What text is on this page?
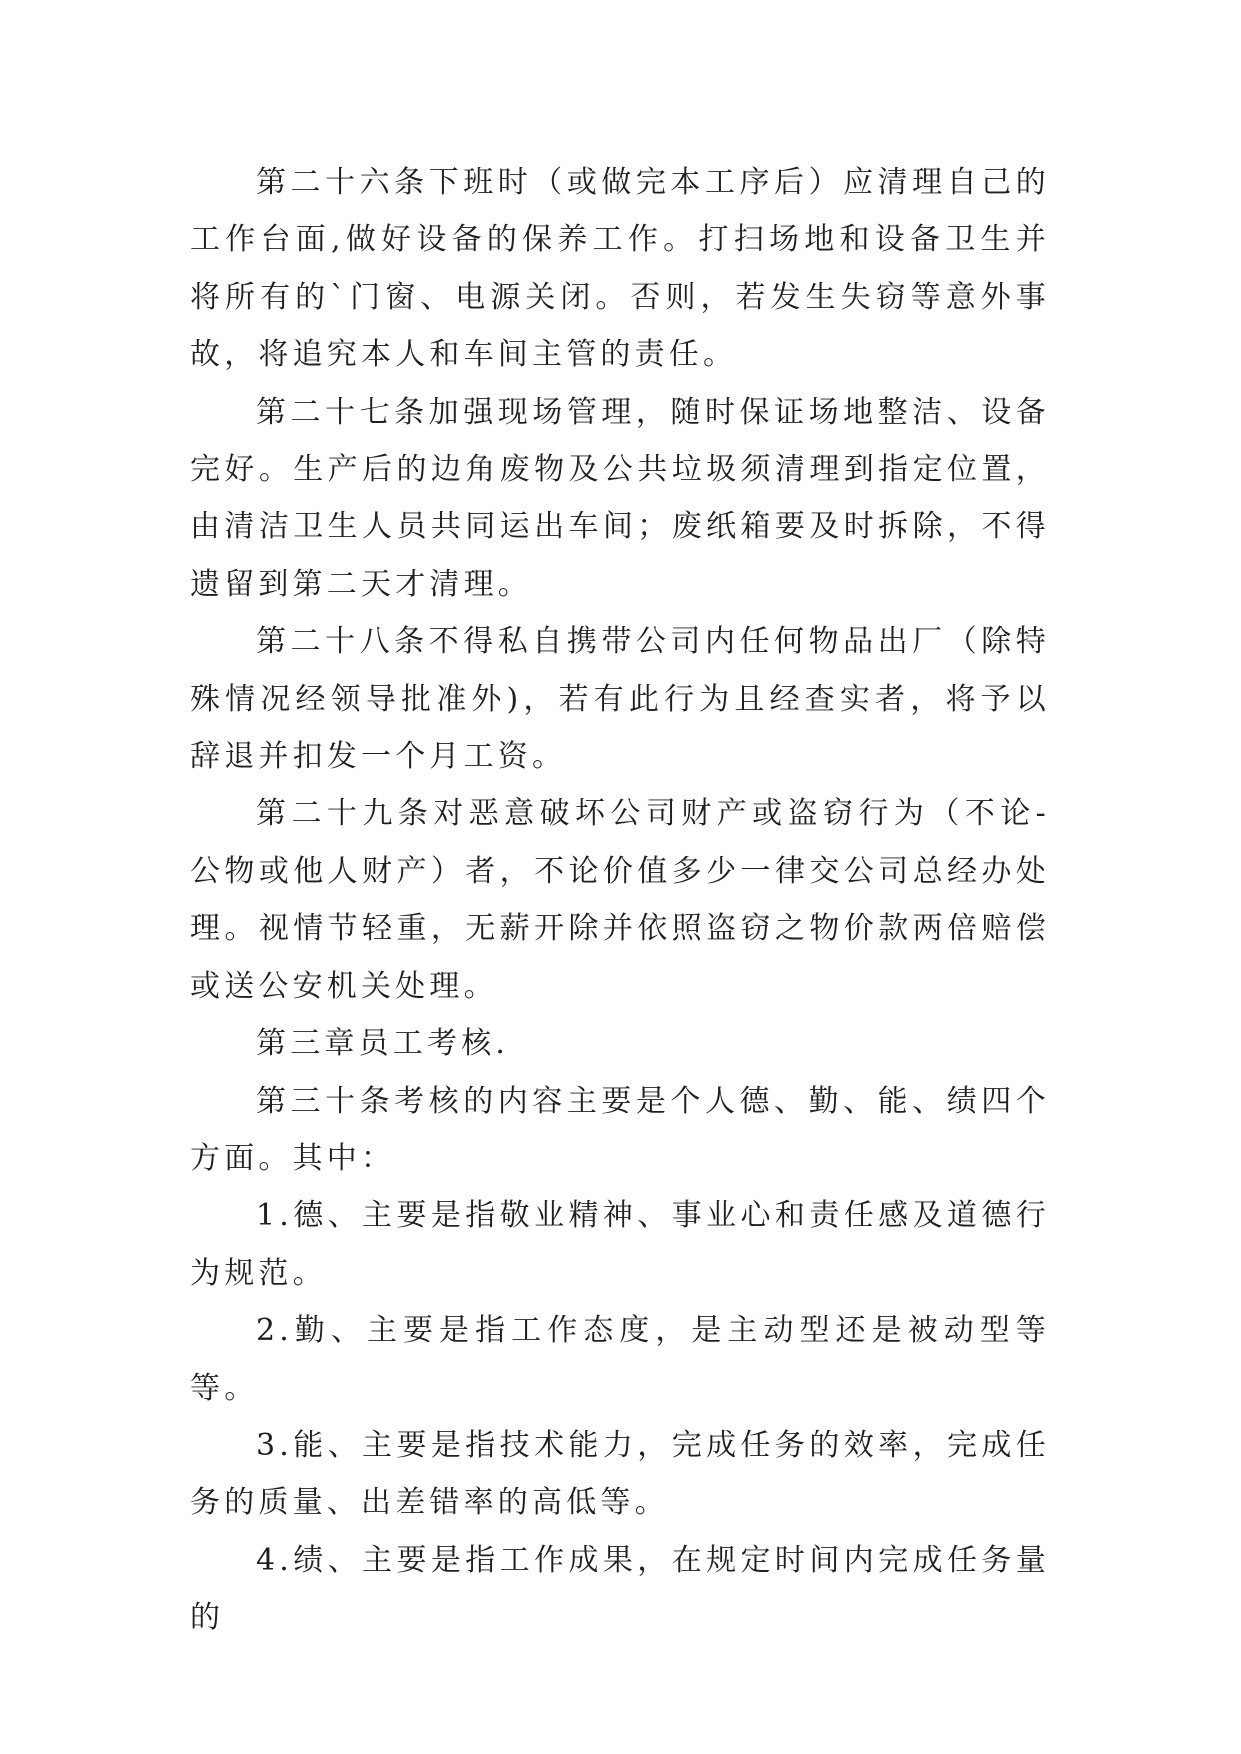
第二十六条下班时（或做完本工序后）应清理自己的工作台面,做好设备的保养工作。打扫场地和设备卫生并将所有的`门窗、电源关闭。否则，若发生失窃等意外事故，将追究本人和车间主管的责任。

第二十七条加强现场管理，随时保证场地整洁、设备完好。生产后的边角废物及公共垃圾须清理到指定位置，由清洁卫生人员共同运出车间；废纸箱要及时拆除，不得遗留到第二天才清理。

第二十八条不得私自携带公司内任何物品出厂（除特殊情况经领导批准外)，若有此行为且经查实者，将予以辞退并扣发一个月工资。

第二十九条对恶意破坏公司财产或盗窃行为（不论-公物或他人财产）者，不论价值多少一律交公司总经办处理。视情节轻重，无薪开除并依照盗窃之物价款两倍赔偿或送公安机关处理。

第三章员工考核.

第三十条考核的内容主要是个人德、勤、能、绩四个方面。其中：

1.德、主要是指敬业精神、事业心和责任感及道德行为规范。

2.勤、主要是指工作态度，是主动型还是被动型等等。

3.能、主要是指技术能力，完成任务的效率，完成任务的质量、出差错率的高低等。

4.绩、主要是指工作成果，在规定时间内完成任务量的
